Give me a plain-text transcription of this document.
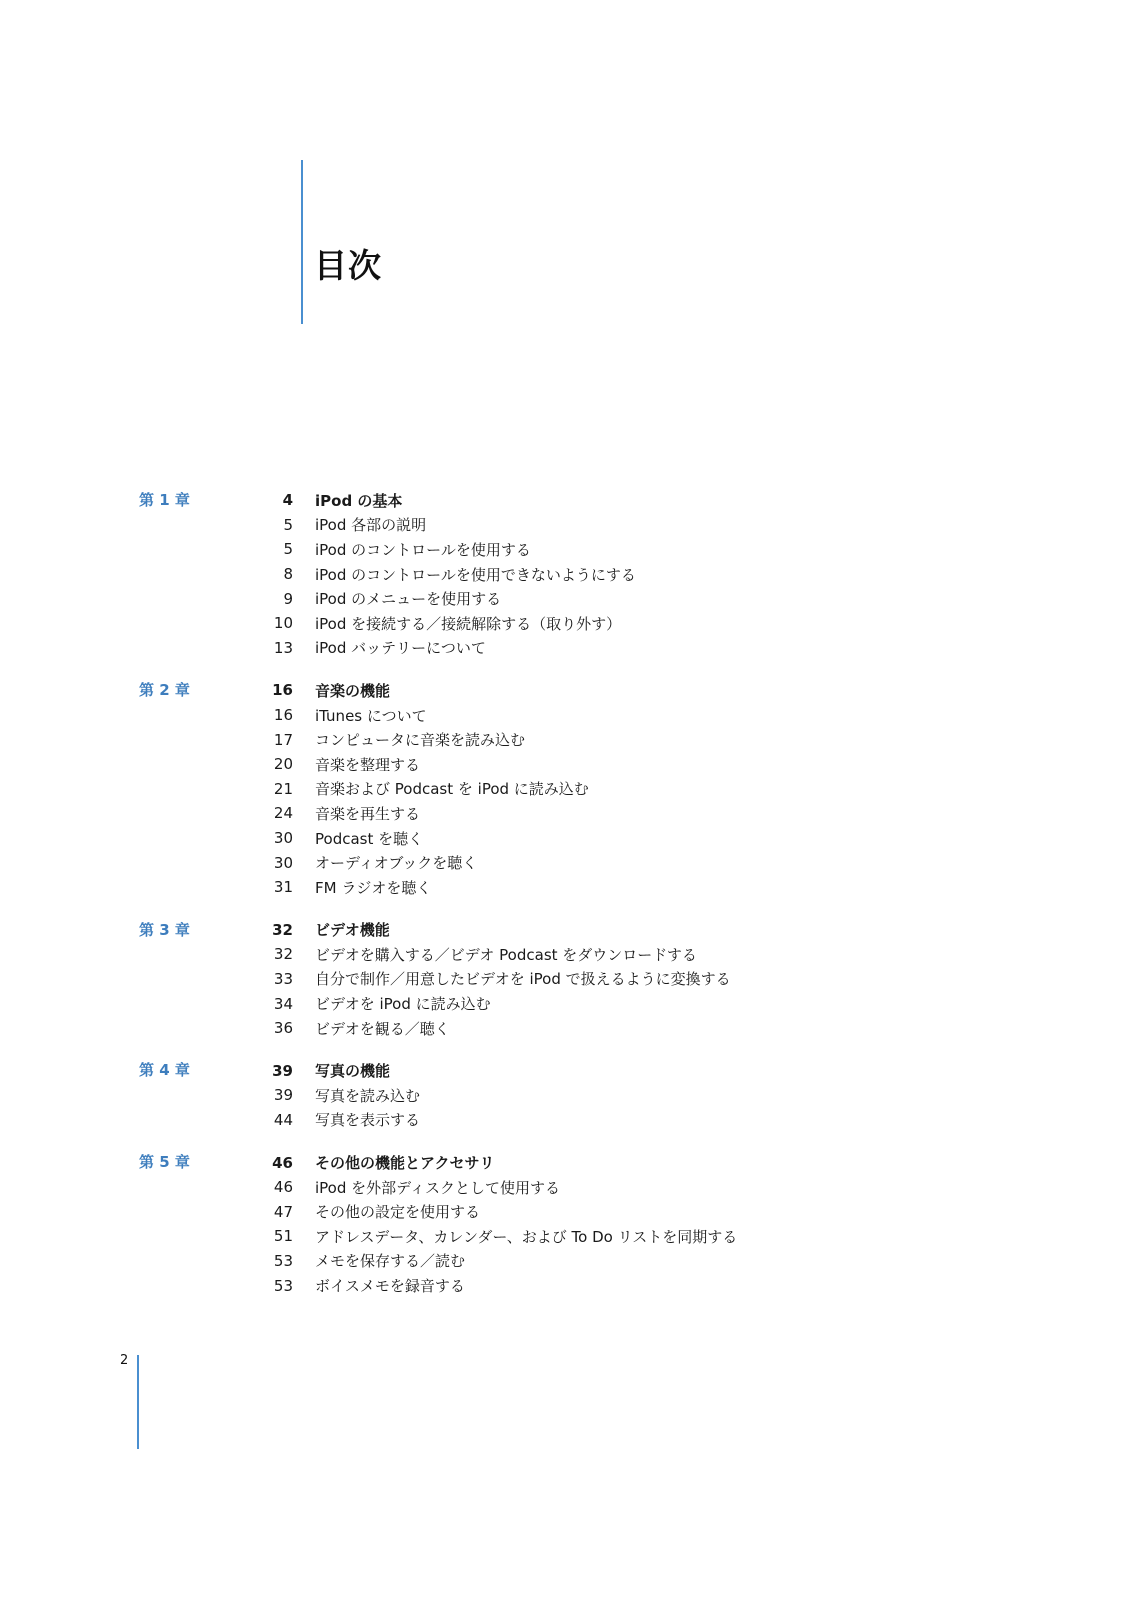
目次
第 1 章	4 iPod の基本
5 iPod 各部の説明
5 iPod のコントロールを使用する
8 iPod のコントロールを使用できないようにする
9 iPod のメニューを使用する
10 iPod を接続する／接続解除する（取り外す）
13 iPod バッテリーについて
第 2 章	16 音楽の機能
16 iTunes について
17 コンピュータに音楽を読み込む
20 音楽を整理する
21 音楽および Podcast を iPod に読み込む
24 音楽を再生する
30 Podcast を聴く
30 オーディオブックを聴く
31 FM ラジオを聴く
第 3 章	32 ビデオ機能
32 ビデオを購入する／ビデオ Podcast をダウンロードする
33 自分で制作／用意したビデオを iPod で扱えるように変換する
34 ビデオを iPod に読み込む
36 ビデオを観る／聴く
第 4 章	39 写真の機能
39 写真を読み込む
44 写真を表示する
第 5 章	46 その他の機能とアクセサリ
46 iPod を外部ディスクとして使用する
47 その他の設定を使用する
51 アドレスデータ、カレンダー、および To Do リストを同期する
53 メモを保存する／読む
53 ボイスメモを録音する
2
